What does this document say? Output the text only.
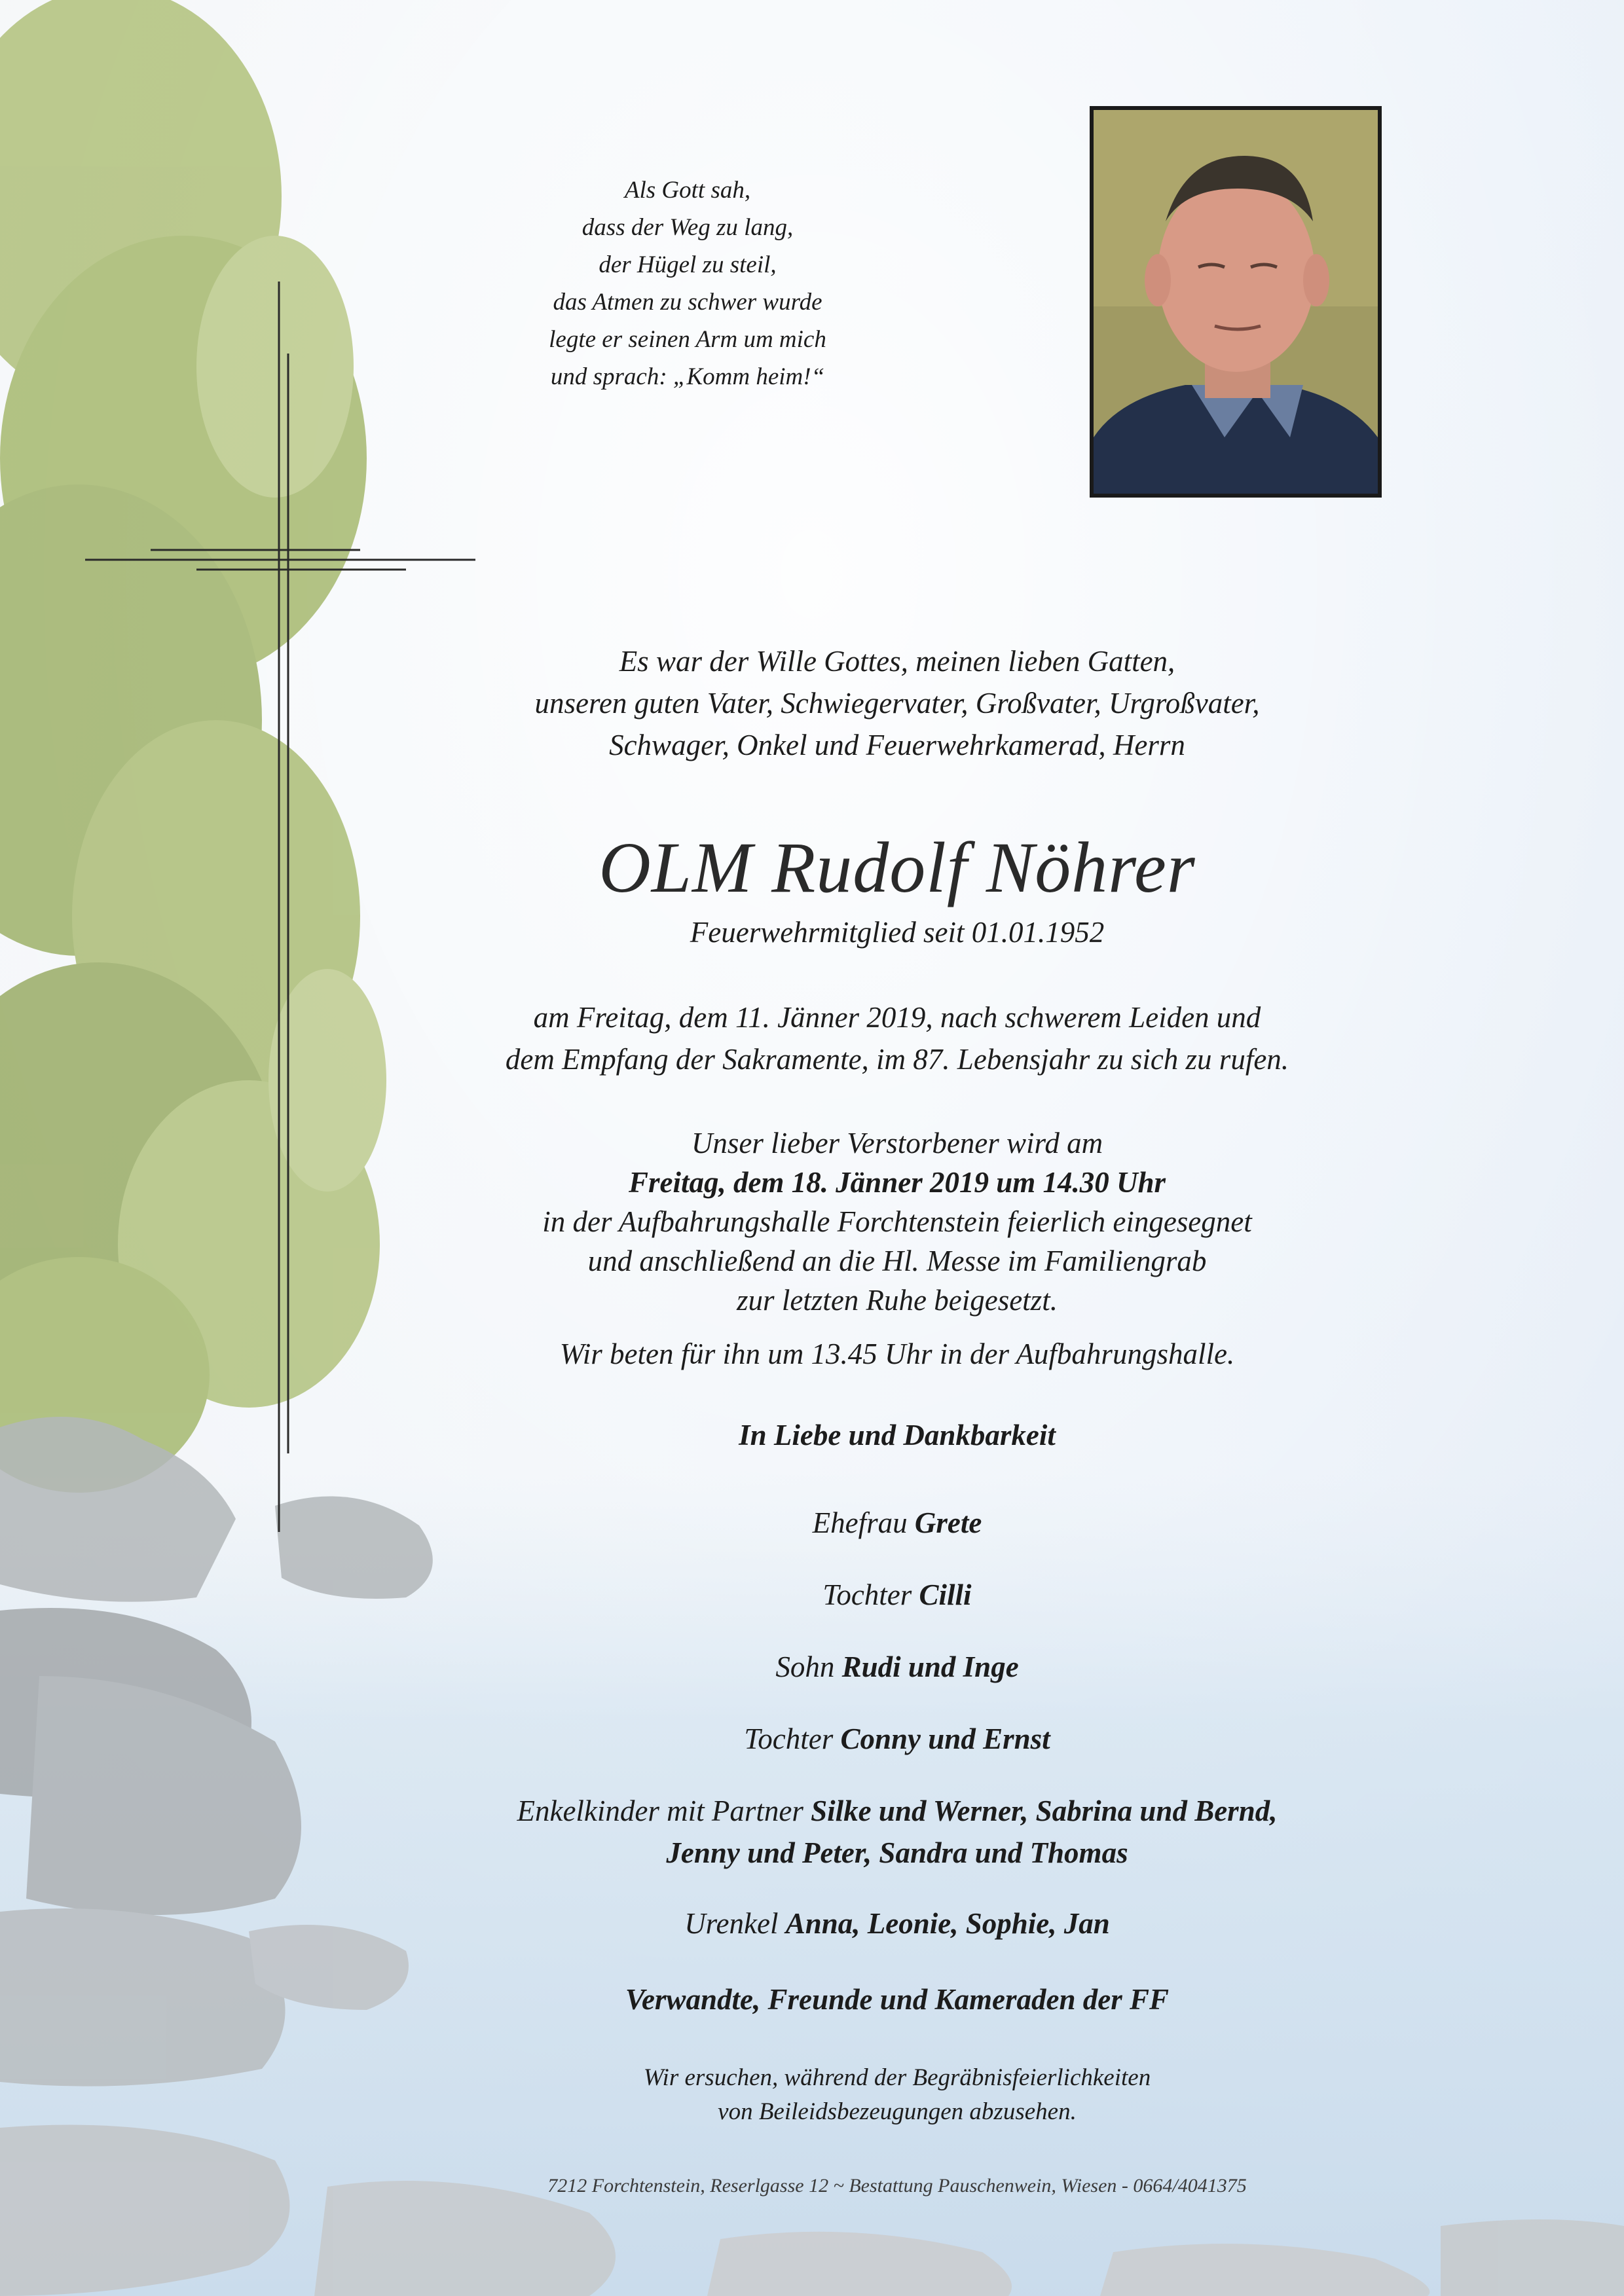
Als Gott sah,
dass der Weg zu lang,
der Hügel zu steil,
das Atmen zu schwer wurde
legte er seinen Arm um mich
und sprach: „Komm heim!“
Es war der Wille Gottes, meinen lieben Gatten,
unseren guten Vater, Schwiegervater, Großvater, Urgroßvater,
Schwager, Onkel und Feuerwehrkamerad, Herrn
OLM Rudolf Nöhrer
Feuerwehrmitglied seit 01.01.1952
am Freitag, dem 11. Jänner 2019, nach schwerem Leiden und
dem Empfang der Sakramente, im 87. Lebensjahr zu sich zu rufen.
Unser lieber Verstorbener wird am
Freitag, dem 18. Jänner 2019 um 14.30 Uhr
in der Aufbahrungshalle Forchtenstein feierlich eingesegnet
und anschließend an die Hl. Messe im Familiengrab
zur letzten Ruhe beigesetzt.
Wir beten für ihn um 13.45 Uhr in der Aufbahrungshalle.
In Liebe und Dankbarkeit
Ehefrau Grete
Tochter Cilli
Sohn Rudi und Inge
Tochter Conny und Ernst
Enkelkinder mit Partner Silke und Werner, Sabrina und Bernd,
Jenny und Peter, Sandra und Thomas
Urenkel Anna, Leonie, Sophie, Jan
Verwandte, Freunde und Kameraden der FF
Wir ersuchen, während der Begräbnisfeierlichkeiten
von Beileidsbezeugungen abzusehen.
7212 Forchtenstein, Reserlgasse 12 ~ Bestattung Pauschenwein, Wiesen - 0664/4041375
